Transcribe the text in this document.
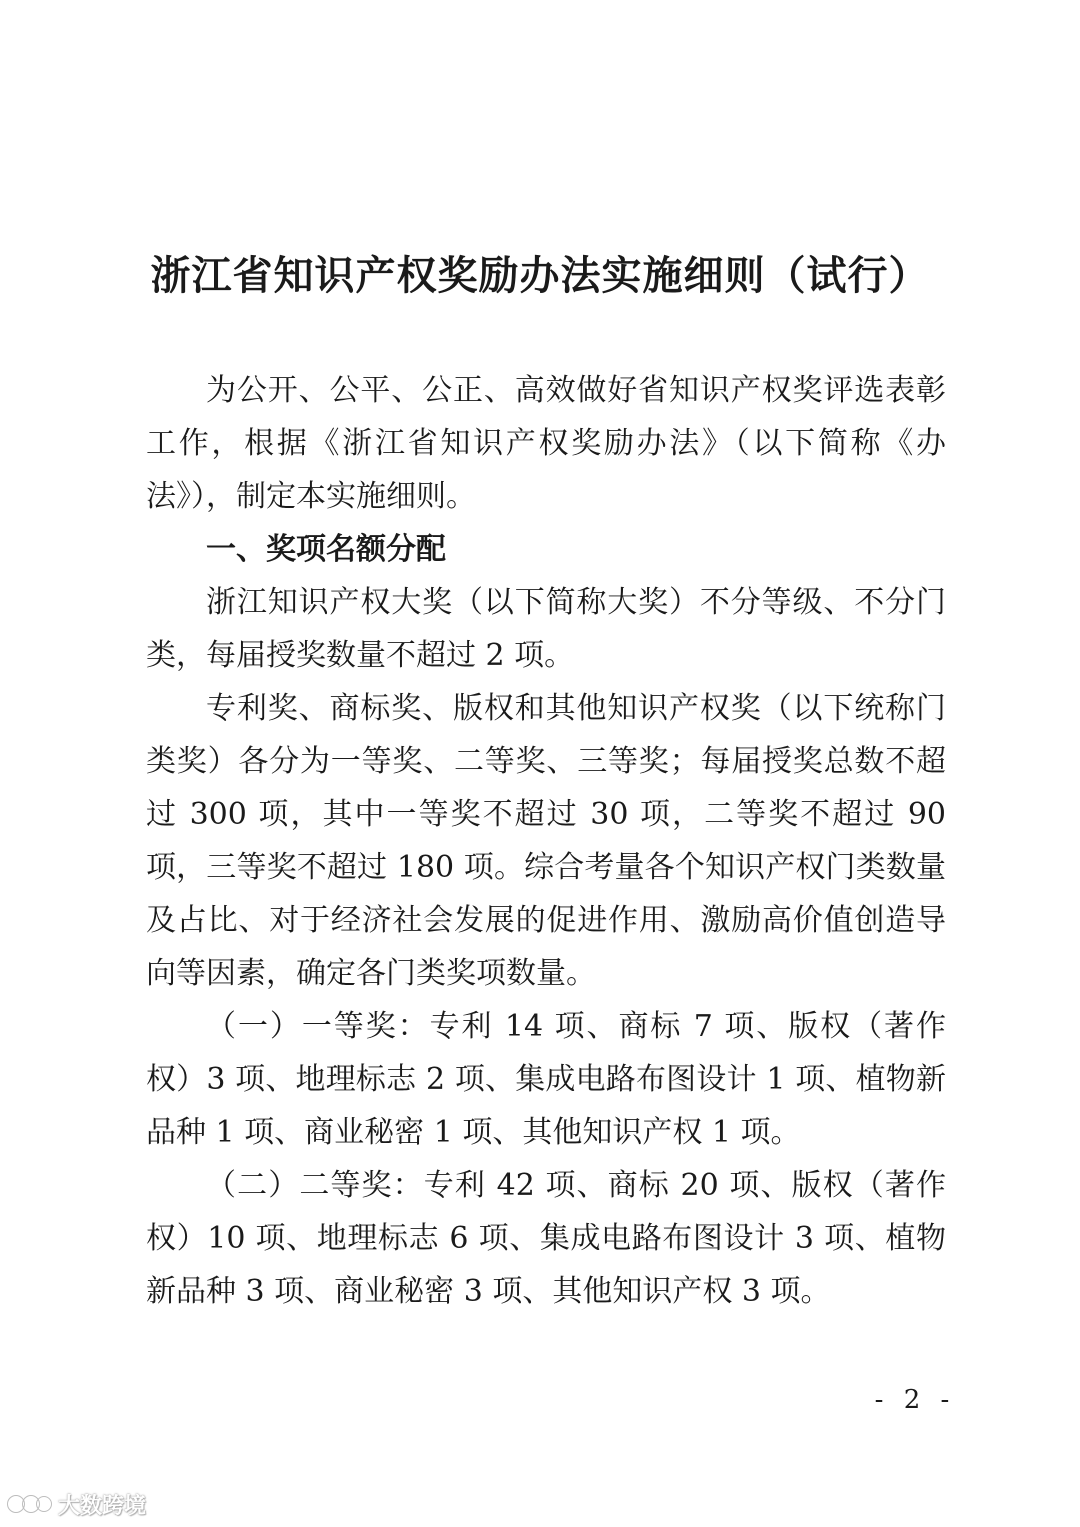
浙江省知识产权奖励办法实施细则（试行）

为公开、公平、公正、高效做好省知识产权奖评选表彰工作，根据《浙江省知识产权奖励办法》（以下简称《办法》），制定本实施细则。

一、奖项名额分配

浙江知识产权大奖（以下简称大奖）不分等级、不分门类，每届授奖数量不超过 2 项。

专利奖、商标奖、版权和其他知识产权奖（以下统称门类奖）各分为一等奖、二等奖、三等奖；每届授奖总数不超过 300 项，其中一等奖不超过 30 项，二等奖不超过 90 项，三等奖不超过 180 项。综合考量各个知识产权门类数量及占比、对于经济社会发展的促进作用、激励高价值创造导向等因素，确定各门类奖项数量。

（一）一等奖：专利 14 项、商标 7 项、版权（著作权）3 项、地理标志 2 项、集成电路布图设计 1 项、植物新品种 1 项、商业秘密 1 项、其他知识产权 1 项。

（二）二等奖：专利 42 项、商标 20 项、版权（著作权）10 项、地理标志 6 项、集成电路布图设计 3 项、植物新品种 3 项、商业秘密 3 项、其他知识产权 3 项。

- 2 -
大数跨境
